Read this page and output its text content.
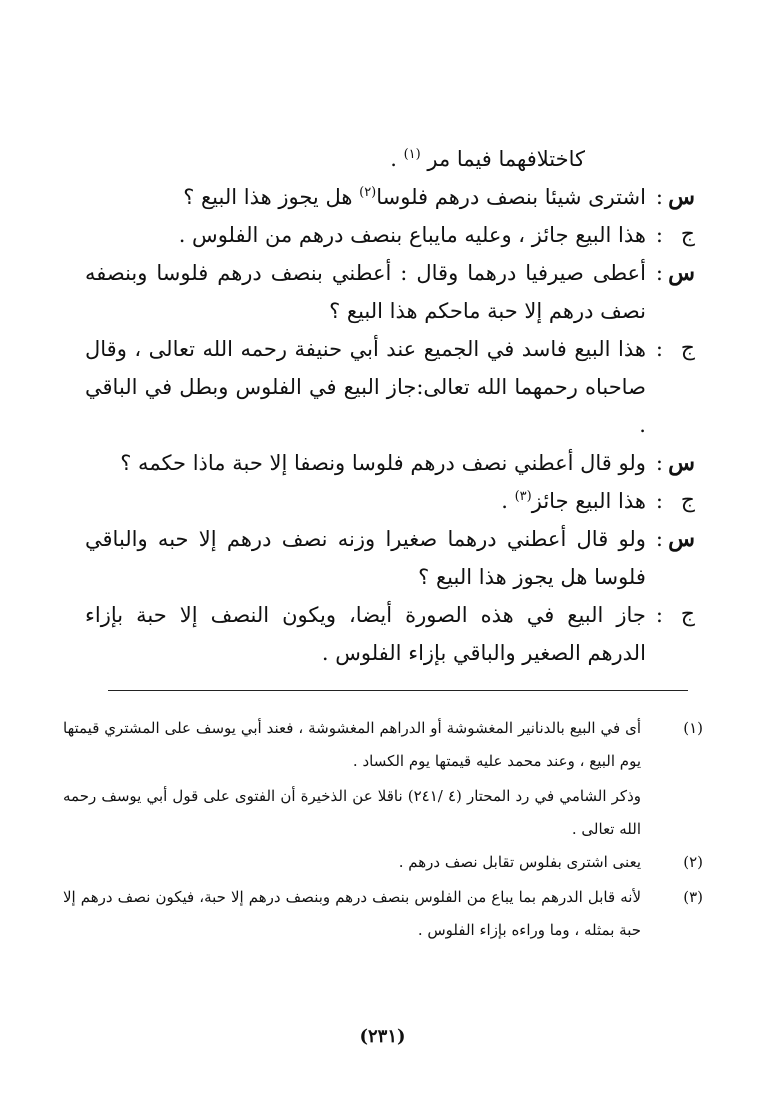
كاختلافهما فيما مر $^{(١)}$ .

س
:
اشترى شيئا بنصف درهم فلوسا$^{(٢)}$ هل يجوز هذا البيع ؟
ج
:
هذا البيع جائز ، وعليه ماي‍باع بنصف درهم من الفلوس .
س
:
أعطى صيرفيا درهما وقال : أعطني بنصف درهم فلوسا وبنصفه نصف درهم إلا حبة ماحكم هذا البيع ؟
ج
:
هذا البيع فاسد في الجميع عند أبي حنيفة رحمه الله تعالى ، وقال صاحباه رحمهما الله تعالى:جاز البيع في الفلوس وبطل في الباقي .
س
:
ولو قال أعطني نصف درهم فلوسا ونصفا إلا حبة ماذا حكمه ؟
ج
:
هذا البيع جائز$^{(٣)}$ .
س
:
ولو قال أعطني درهما صغيرا وزنه نصف درهم إلا حبه والباقي فلوسا هل يجوز هذا البيع ؟
ج
:
جاز البيع في هذه الصورة أيضا، ويكون النصف إلا حبة بإزاء الدرهم الصغير والباقي بإزاء الفلوس .
(١)
أى في البيع بالدنانير المغشوشة أو الدراهم المغشوشة ، فعند أبي يوسف على المشتري قيمتها يوم البيع ، وعند محمد عليه قيمتها يوم الكساد .
وذكر الشامي في رد المحتار (٤ /٢٤١) ناقلا عن الذخيرة أن الفتوى على قول أبي يوسف رحمه الله تعالى .
(٢)
يعنى اشترى بفلوس تقابل نصف درهم .
(٣)
لأنه قابل الدرهم بما يباع من الفلوس بنصف درهم وبنصف درهم إلا حبة، فيكون نصف درهم إلا حبة بمثله ، وما وراءه بإزاء الفلوس .
(٢٣١)
